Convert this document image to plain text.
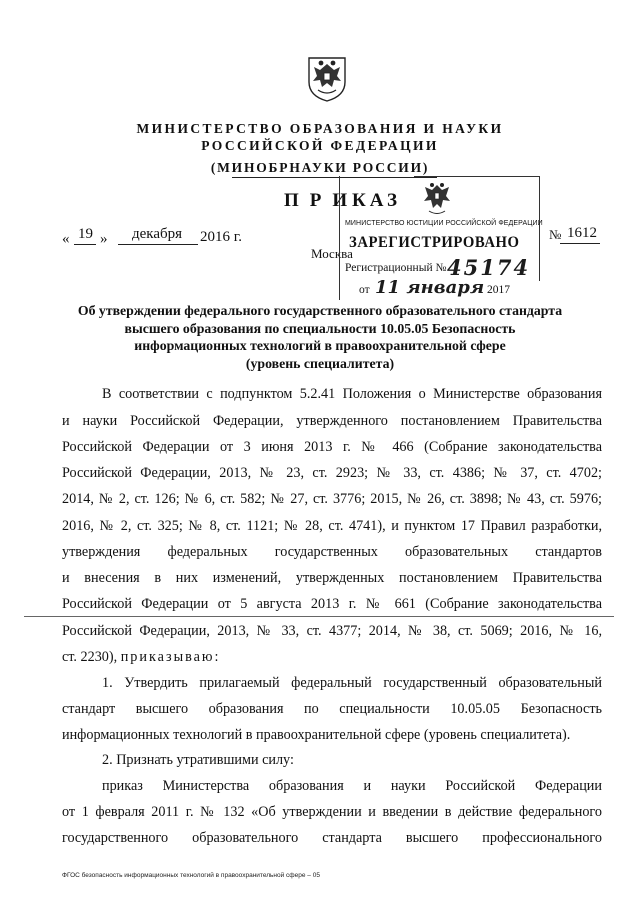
МИНИСТЕРСТВО ОБРАЗОВАНИЯ И НАУКИ
РОССИЙСКОЙ ФЕДЕРАЦИИ
(МИНОБРНАУКИ РОССИИ)
ПРИ
КАЗ
« 19 » декабря 2016 г.
Москва
№ 1612
МИНИСТЕРСТВО ЮСТИЦИИ РОССИЙСКОЙ ФЕДЕРАЦИИ
ЗАРЕГИСТРИРОВАНО
Регистрационный № 45174
от 11 января 2017
Об утверждении федерального государственного образовательного стандарта
высшего образования по специальности 10.05.05 Безопасность
информационных технологий в правоохранительной сфере
(уровень специалитета)
В соответствии с подпунктом 5.2.41 Положения о Министерстве образования
и науки Российской Федерации, утвержденного постановлением Правительства
Российской Федерации от 3 июня 2013 г. № 466 (Собрание законодательства
Российской Федерации, 2013, № 23, ст. 2923; № 33, ст. 4386; № 37, ст. 4702;
2014, № 2, ст. 126; № 6, ст. 582; № 27, ст. 3776; 2015, № 26, ст. 3898; № 43, ст. 5976;
2016, № 2, ст. 325; № 8, ст. 1121; № 28, ст. 4741), и пунктом 17 Правил разработки,
утверждения федеральных государственных образовательных стандартов
и внесения в них изменений, утвержденных постановлением Правительства
Российской Федерации от 5 августа 2013 г. № 661 (Собрание законодательства
Российской Федерации, 2013, № 33, ст. 4377; 2014, № 38, ст. 5069; 2016, № 16,
ст. 2230), приказываю:
1. Утвердить прилагаемый федеральный государственный образовательный
стандарт высшего образования по специальности 10.05.05 Безопасность
информационных технологий в правоохранительной сфере (уровень специалитета).
2. Признать утратившими силу:
приказ Министерства образования и науки Российской Федерации
от 1 февраля 2011 г. № 132 «Об утверждении и введении в действие федерального
государственного образовательного стандарта высшего профессионального
ФГОС безопасность информационных технологий в правоохранительной сфере – 05
